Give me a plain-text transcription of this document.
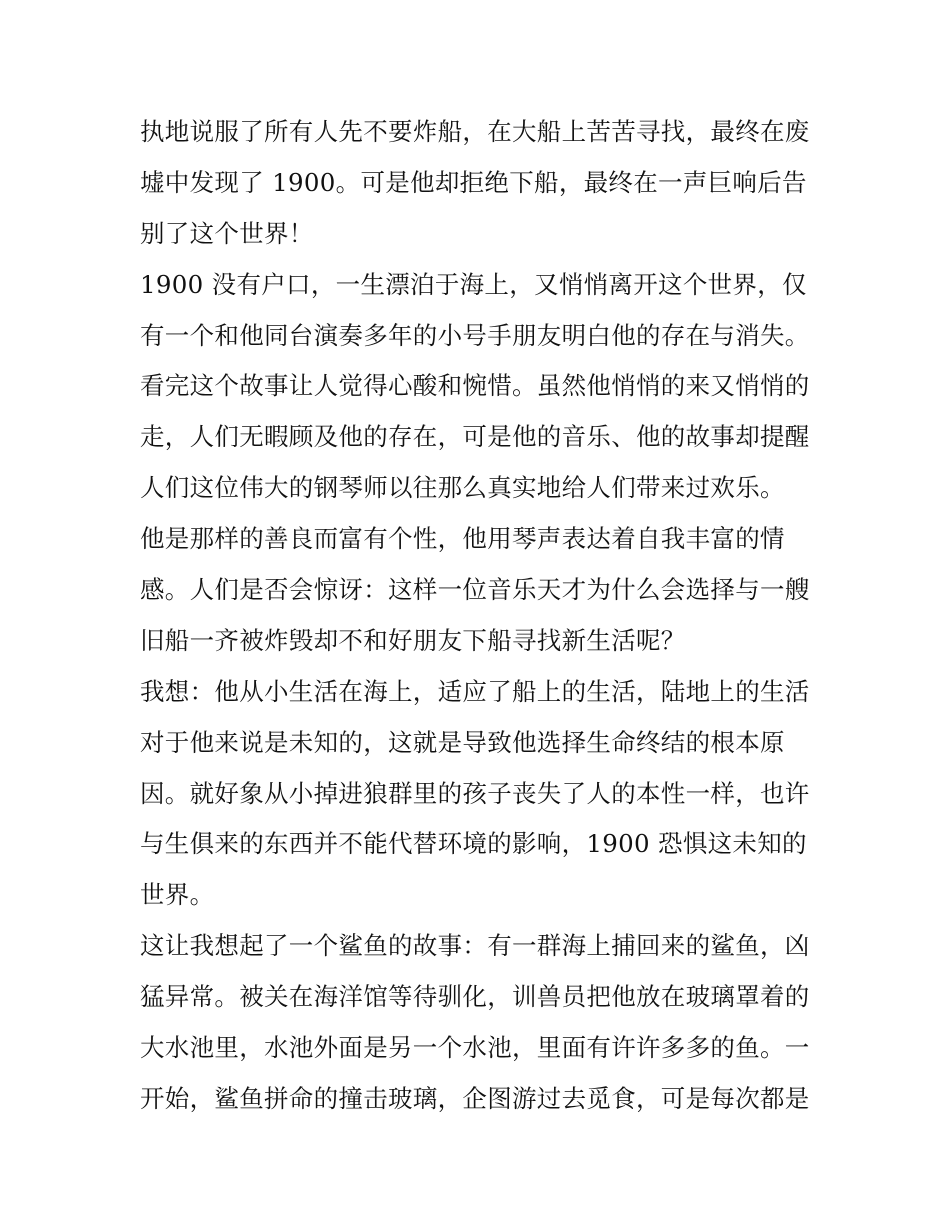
执地说服了所有人先不要炸船，在大船上苦苦寻找，最终在废
墟中发现了 1900。可是他却拒绝下船，最终在一声巨响后告
别了这个世界！
1900 没有户口，一生漂泊于海上，又悄悄离开这个世界，仅
有一个和他同台演奏多年的小号手朋友明白他的存在与消失。
看完这个故事让人觉得心酸和惋惜。虽然他悄悄的来又悄悄的
走，人们无暇顾及他的存在，可是他的音乐、他的故事却提醒
人们这位伟大的钢琴师以往那么真实地给人们带来过欢乐。
他是那样的善良而富有个性，他用琴声表达着自我丰富的情
感。人们是否会惊讶：这样一位音乐天才为什么会选择与一艘
旧船一齐被炸毁却不和好朋友下船寻找新生活呢？
我想：他从小生活在海上，适应了船上的生活，陆地上的生活
对于他来说是未知的，这就是导致他选择生命终结的根本原
因。就好象从小掉进狼群里的孩子丧失了人的本性一样，也许
与生俱来的东西并不能代替环境的影响，1900 恐惧这未知的
世界。
这让我想起了一个鲨鱼的故事：有一群海上捕回来的鲨鱼，凶
猛异常。被关在海洋馆等待驯化，训兽员把他放在玻璃罩着的
大水池里，水池外面是另一个水池，里面有许许多多的鱼。一
开始，鲨鱼拼命的撞击玻璃，企图游过去觅食，可是每次都是
